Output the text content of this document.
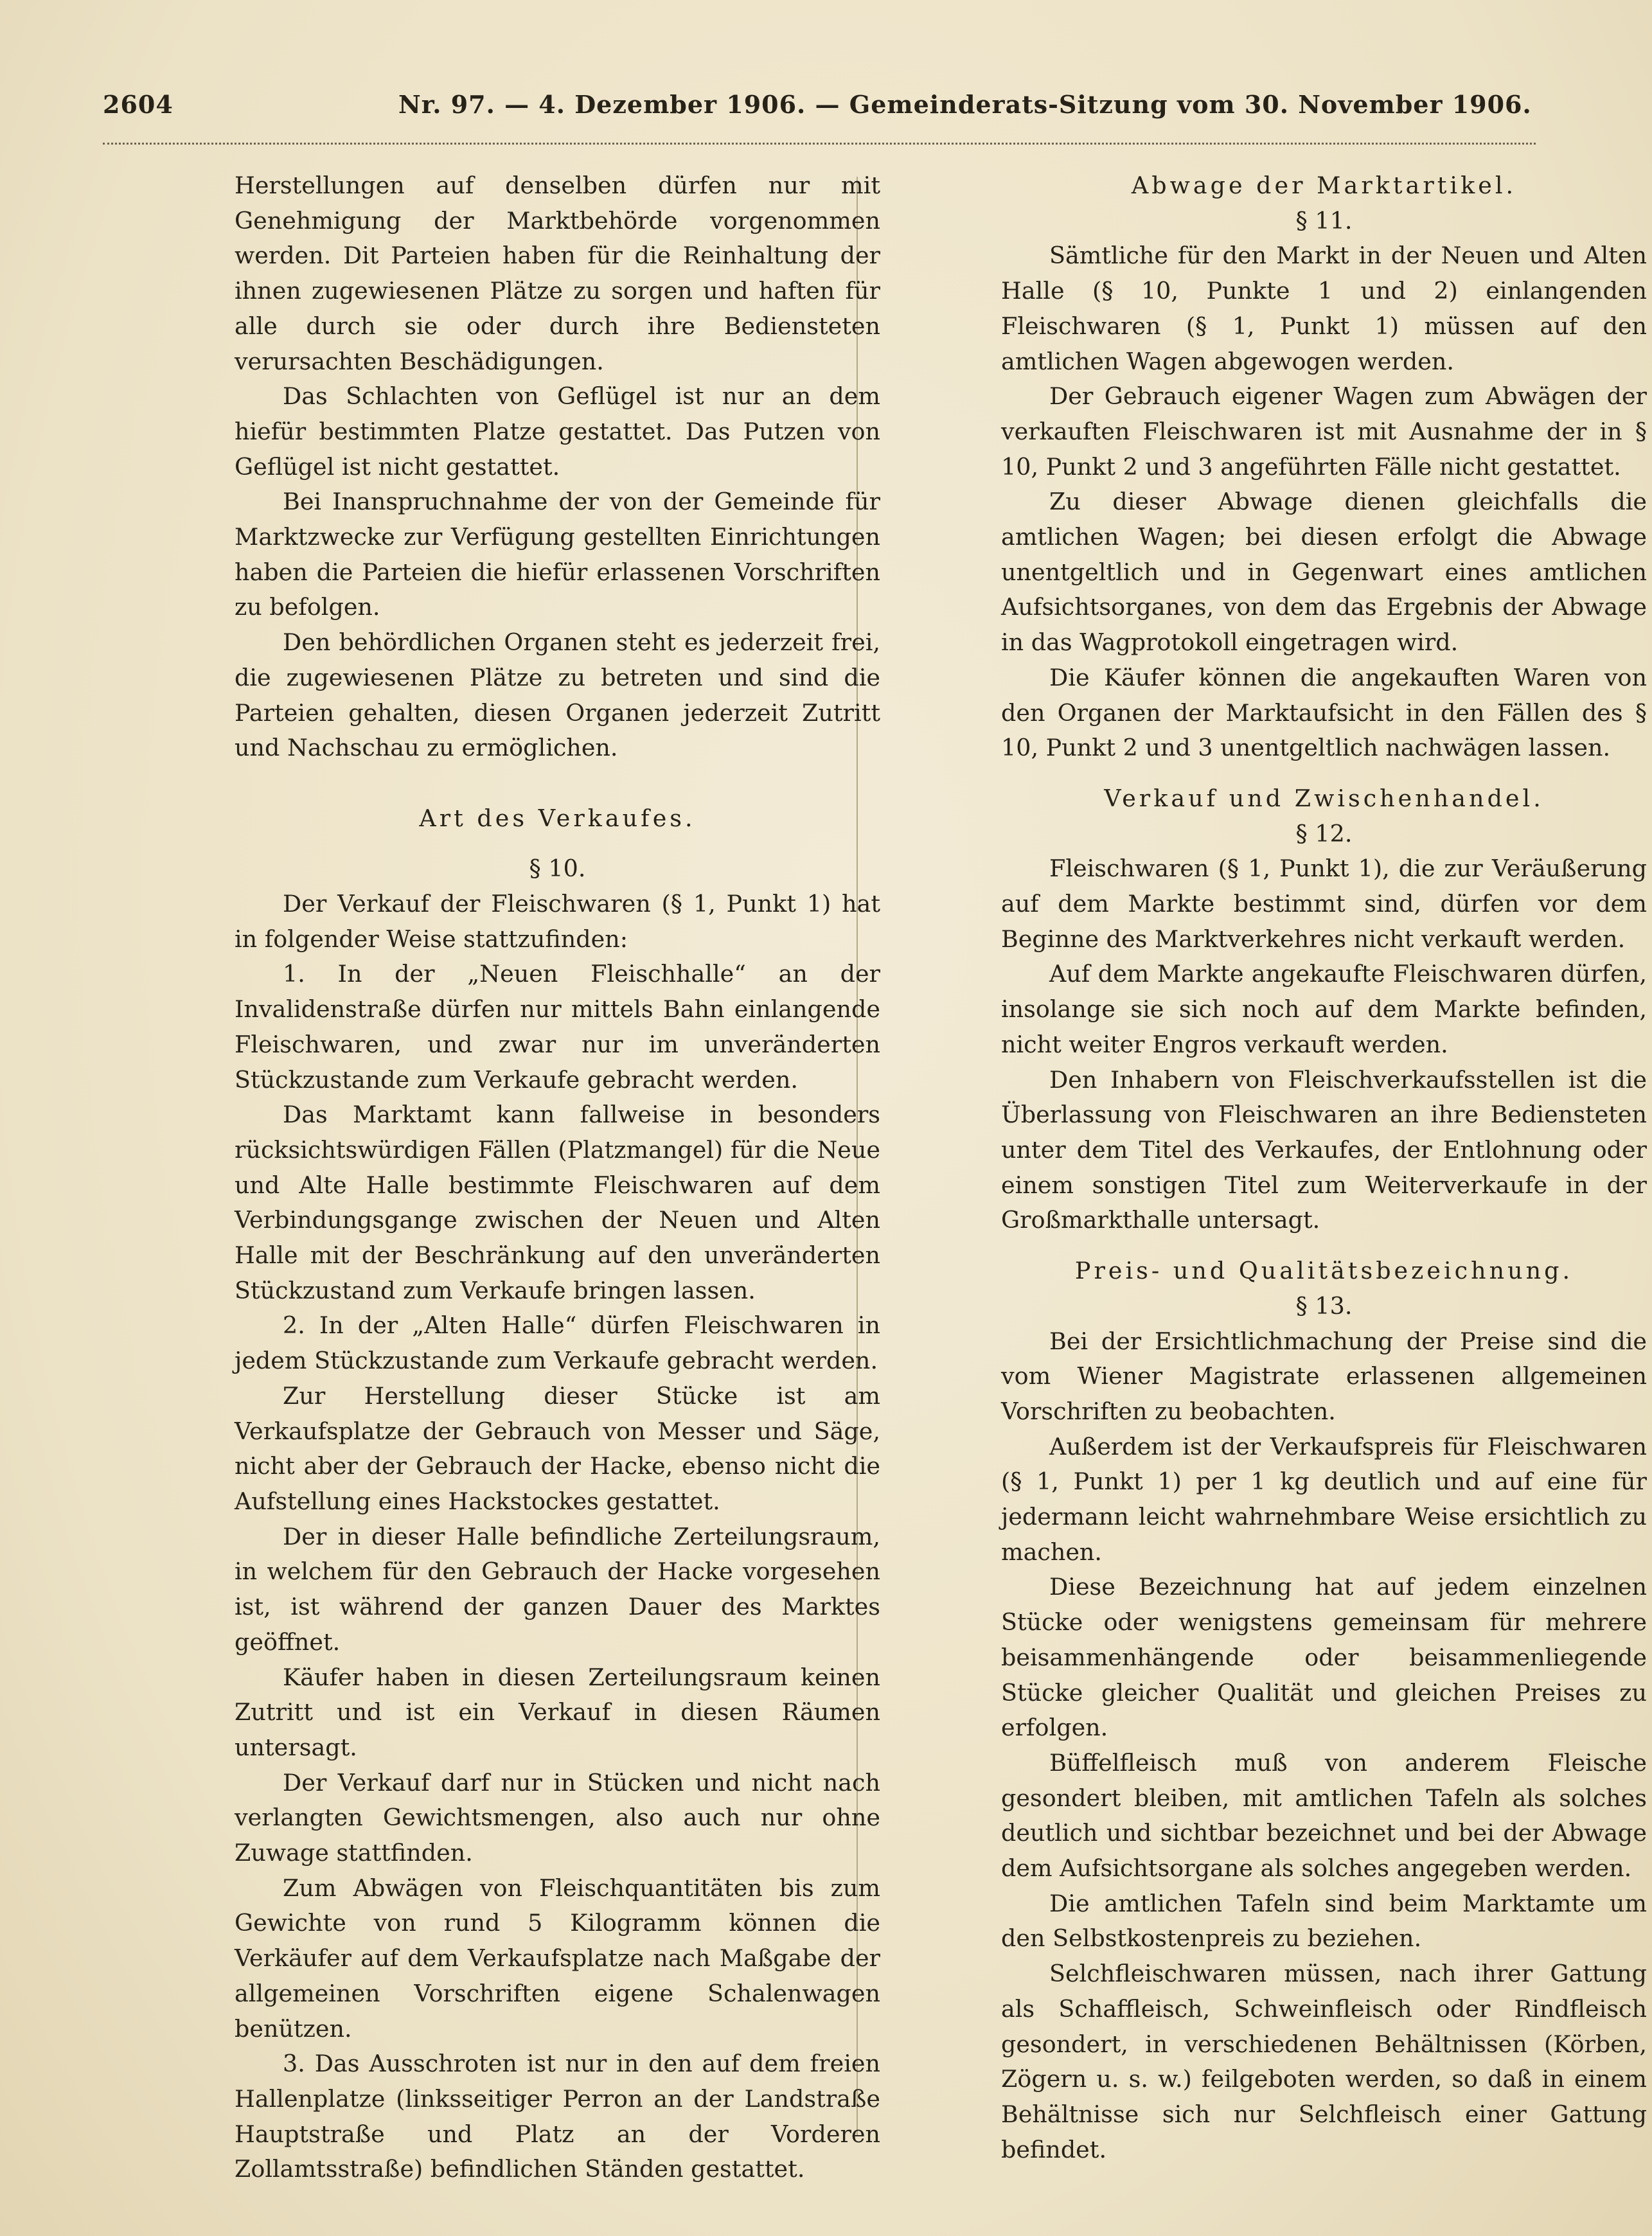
2604	Nr. 97. — 4. Dezember 1906. — Gemeinderats-Sitzung vom 30. November 1906.

Herstellungen auf denselben dürfen nur mit Genehmigung der Marktbehörde vorgenommen werden. Dit Parteien haben für die Reinhaltung der ihnen zugewiesenen Plätze zu sorgen und haften für alle durch sie oder durch ihre Bediensteten verursachten Beschädigungen.

Das Schlachten von Geflügel ist nur an dem hiefür bestimmten Platze gestattet. Das Putzen von Geflügel ist nicht gestattet.

Bei Inanspruchnahme der von der Gemeinde für Marktzwecke zur Verfügung gestellten Einrichtungen haben die Parteien die hiefür erlassenen Vorschriften zu befolgen.

Den behördlichen Organen steht es jederzeit frei, die zugewiesenen Plätze zu betreten und sind die Parteien gehalten, diesen Organen jederzeit Zutritt und Nachschau zu ermöglichen.

Art des Verkaufes.

§ 10.

Der Verkauf der Fleischwaren (§ 1, Punkt 1) hat in folgender Weise stattzufinden:

1. In der „Neuen Fleischhalle“ an der Invalidenstraße dürfen nur mittels Bahn einlangende Fleischwaren, und zwar nur im unveränderten Stückzustande zum Verkaufe gebracht werden.

Das Marktamt kann fallweise in besonders rücksichtswürdigen Fällen (Platzmangel) für die Neue und Alte Halle bestimmte Fleischwaren auf dem Verbindungsgange zwischen der Neuen und Alten Halle mit der Beschränkung auf den unveränderten Stückzustand zum Verkaufe bringen lassen.

2. In der „Alten Halle“ dürfen Fleischwaren in jedem Stückzustande zum Verkaufe gebracht werden.

Zur Herstellung dieser Stücke ist am Verkaufsplatze der Gebrauch von Messer und Säge, nicht aber der Gebrauch der Hacke, ebenso nicht die Aufstellung eines Hackstockes gestattet.

Der in dieser Halle befindliche Zerteilungsraum, in welchem für den Gebrauch der Hacke vorgesehen ist, ist während der ganzen Dauer des Marktes geöffnet.

Käufer haben in diesen Zerteilungsraum keinen Zutritt und ist ein Verkauf in diesen Räumen untersagt.

Der Verkauf darf nur in Stücken und nicht nach verlangten Gewichtsmengen, also auch nur ohne Zuwage stattfinden.

Zum Abwägen von Fleischquantitäten bis zum Gewichte von rund 5 Kilogramm können die Verkäufer auf dem Verkaufsplatze nach Maßgabe der allgemeinen Vorschriften eigene Schalenwagen benützen.

3. Das Ausschroten ist nur in den auf dem freien Hallenplatze (linksseitiger Perron an der Landstraße Hauptstraße und Platz an der Vorderen Zollamtsstraße) befindlichen Ständen gestattet.

Abwage der Marktartikel.

§ 11.

Sämtliche für den Markt in der Neuen und Alten Halle (§ 10, Punkte 1 und 2) einlangenden Fleischwaren (§ 1, Punkt 1) müssen auf den amtlichen Wagen abgewogen werden.

Der Gebrauch eigener Wagen zum Abwägen der verkauften Fleischwaren ist mit Ausnahme der in § 10, Punkt 2 und 3 angeführten Fälle nicht gestattet.

Zu dieser Abwage dienen gleichfalls die amtlichen Wagen; bei diesen erfolgt die Abwage unentgeltlich und in Gegenwart eines amtlichen Aufsichtsorganes, von dem das Ergebnis der Abwage in das Wagprotokoll eingetragen wird.

Die Käufer können die angekauften Waren von den Organen der Marktaufsicht in den Fällen des § 10, Punkt 2 und 3 unentgeltlich nachwägen lassen.

Verkauf und Zwischenhandel.

§ 12.

Fleischwaren (§ 1, Punkt 1), die zur Veräußerung auf dem Markte bestimmt sind, dürfen vor dem Beginne des Marktverkehres nicht verkauft werden.

Auf dem Markte angekaufte Fleischwaren dürfen, insolange sie sich noch auf dem Markte befinden, nicht weiter Engros verkauft werden.

Den Inhabern von Fleischverkaufsstellen ist die Überlassung von Fleischwaren an ihre Bediensteten unter dem Titel des Verkaufes, der Entlohnung oder einem sonstigen Titel zum Weiterverkaufe in der Großmarkthalle untersagt.

Preis- und Qualitätsbezeichnung.

§ 13.

Bei der Ersichtlichmachung der Preise sind die vom Wiener Magistrate erlassenen allgemeinen Vorschriften zu beobachten.

Außerdem ist der Verkaufspreis für Fleischwaren (§ 1, Punkt 1) per 1 kg deutlich und auf eine für jedermann leicht wahrnehmbare Weise ersichtlich zu machen.

Diese Bezeichnung hat auf jedem einzelnen Stücke oder wenigstens gemeinsam für mehrere beisammenhängende oder beisammenliegende Stücke gleicher Qualität und gleichen Preises zu erfolgen.

Büffelfleisch muß von anderem Fleische gesondert bleiben, mit amtlichen Tafeln als solches deutlich und sichtbar bezeichnet und bei der Abwage dem Aufsichtsorgane als solches angegeben werden.

Die amtlichen Tafeln sind beim Marktamte um den Selbstkostenpreis zu beziehen.

Selchfleischwaren müssen, nach ihrer Gattung als Schaffleisch, Schweinfleisch oder Rindfleisch gesondert, in verschiedenen Behältnissen (Körben, Zögern u. s. w.) feilgeboten werden, so daß in einem Behältnisse sich nur Selchfleisch einer Gattung befindet.
